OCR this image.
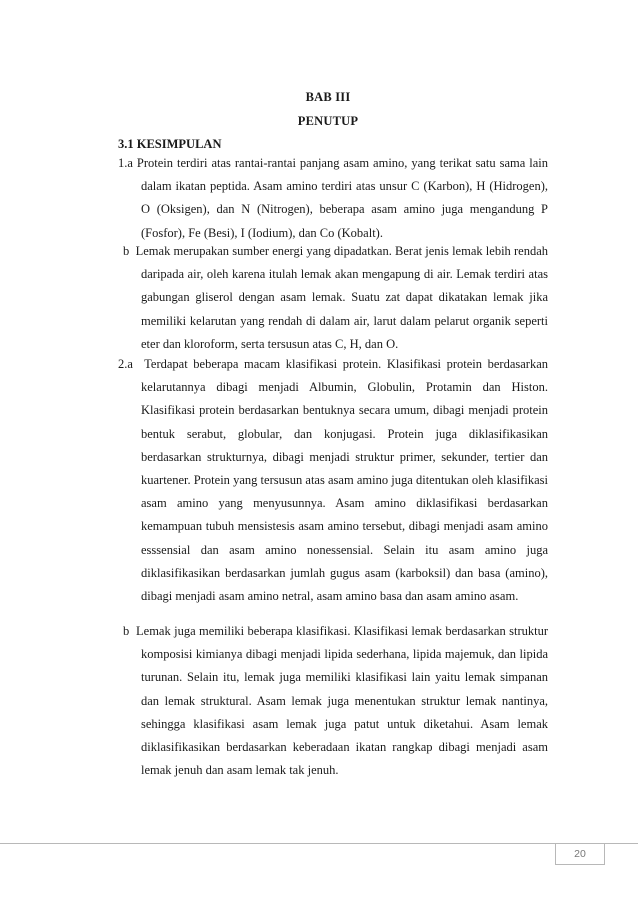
BAB III
PENUTUP
3.1 KESIMPULAN
1.a Protein terdiri atas rantai-rantai panjang asam amino, yang terikat satu sama lain dalam ikatan peptida. Asam amino terdiri atas unsur C (Karbon), H (Hidrogen), O (Oksigen), dan N (Nitrogen), beberapa asam amino juga mengandung P (Fosfor), Fe (Besi), I (Iodium), dan Co (Kobalt).
b Lemak merupakan sumber energi yang dipadatkan. Berat jenis lemak lebih rendah daripada air, oleh karena itulah lemak akan mengapung di air. Lemak terdiri atas gabungan gliserol dengan asam lemak. Suatu zat dapat dikatakan lemak jika memiliki kelarutan yang rendah di dalam air, larut dalam pelarut organik seperti eter dan kloroform, serta tersusun atas C, H, dan O.
2.a Terdapat beberapa macam klasifikasi protein. Klasifikasi protein berdasarkan kelarutannya dibagi menjadi Albumin, Globulin, Protamin dan Histon. Klasifikasi protein berdasarkan bentuknya secara umum, dibagi menjadi protein bentuk serabut, globular, dan konjugasi. Protein juga diklasifikasikan berdasarkan strukturnya, dibagi menjadi struktur primer, sekunder, tertier dan kuartener. Protein yang tersusun atas asam amino juga ditentukan oleh klasifikasi asam amino yang menyusunnya. Asam amino diklasifikasi berdasarkan kemampuan tubuh mensistesis asam amino tersebut, dibagi menjadi asam amino esssensial dan asam amino nonessensial. Selain itu asam amino juga diklasifikasikan berdasarkan jumlah gugus asam (karboksil) dan basa (amino), dibagi menjadi asam amino netral, asam amino basa dan asam amino asam.
b Lemak juga memiliki beberapa klasifikasi. Klasifikasi lemak berdasarkan struktur komposisi kimianya dibagi menjadi lipida sederhana, lipida majemuk, dan lipida turunan. Selain itu, lemak juga memiliki klasifikasi lain yaitu lemak simpanan dan lemak struktural. Asam lemak juga menentukan struktur lemak nantinya, sehingga klasifikasi asam lemak juga patut untuk diketahui. Asam lemak diklasifikasikan berdasarkan keberadaan ikatan rangkap dibagi menjadi asam lemak jenuh dan asam lemak tak jenuh.
20
